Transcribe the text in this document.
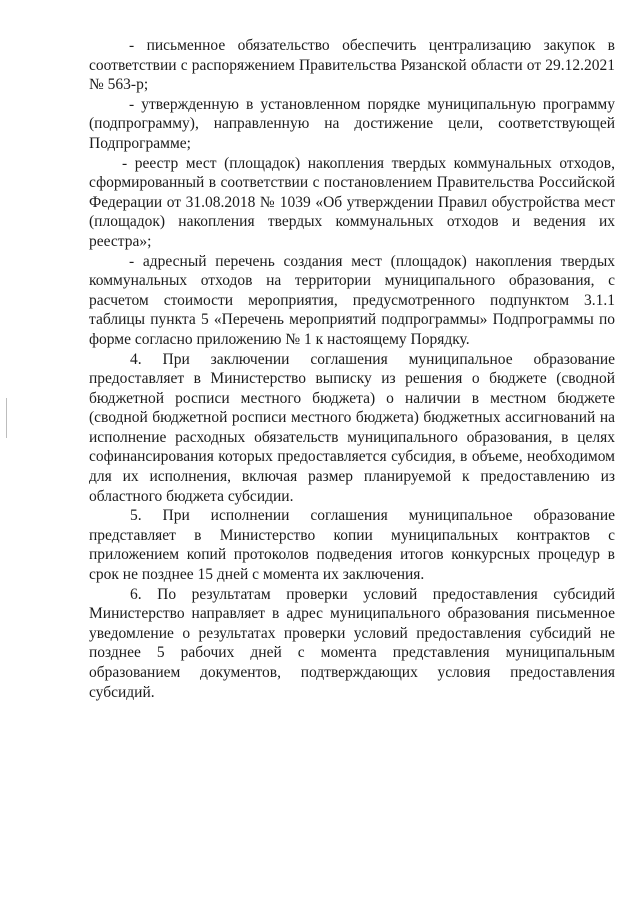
- письменное обязательство обеспечить централизацию закупок в соответствии с распоряжением Правительства Рязанской области от 29.12.2021 № 563-р;

- утвержденную в установленном порядке муниципальную программу (подпрограмму), направленную на достижение цели, соответствующей Подпрограмме;

- реестр мест (площадок) накопления твердых коммунальных отходов, сформированный в соответствии с постановлением Правительства Российской Федерации от 31.08.2018 № 1039 «Об утверждении Правил обустройства мест (площадок) накопления твердых коммунальных отходов и ведения их реестра»;

- адресный перечень создания мест (площадок) накопления твердых коммунальных отходов на территории муниципального образования, с расчетом стоимости мероприятия, предусмотренного подпунктом 3.1.1 таблицы пункта 5 «Перечень мероприятий подпрограммы» Подпрограммы по форме согласно приложению № 1 к настоящему Порядку.

4. При заключении соглашения муниципальное образование предоставляет в Министерство выписку из решения о бюджете (сводной бюджетной росписи местного бюджета) о наличии в местном бюджете (сводной бюджетной росписи местного бюджета) бюджетных ассигнований на исполнение расходных обязательств муниципального образования, в целях софинансирования которых предоставляется субсидия, в объеме, необходимом для их исполнения, включая размер планируемой к предоставлению из областного бюджета субсидии.

5. При исполнении соглашения муниципальное образование представляет в Министерство копии муниципальных контрактов с приложением копий протоколов подведения итогов конкурсных процедур в срок не позднее 15 дней с момента их заключения.

6. По результатам проверки условий предоставления субсидий Министерство направляет в адрес муниципального образования письменное уведомление о результатах проверки условий предоставления субсидий не позднее 5 рабочих дней с момента представления муниципальным образованием документов, подтверждающих условия предоставления субсидий.
